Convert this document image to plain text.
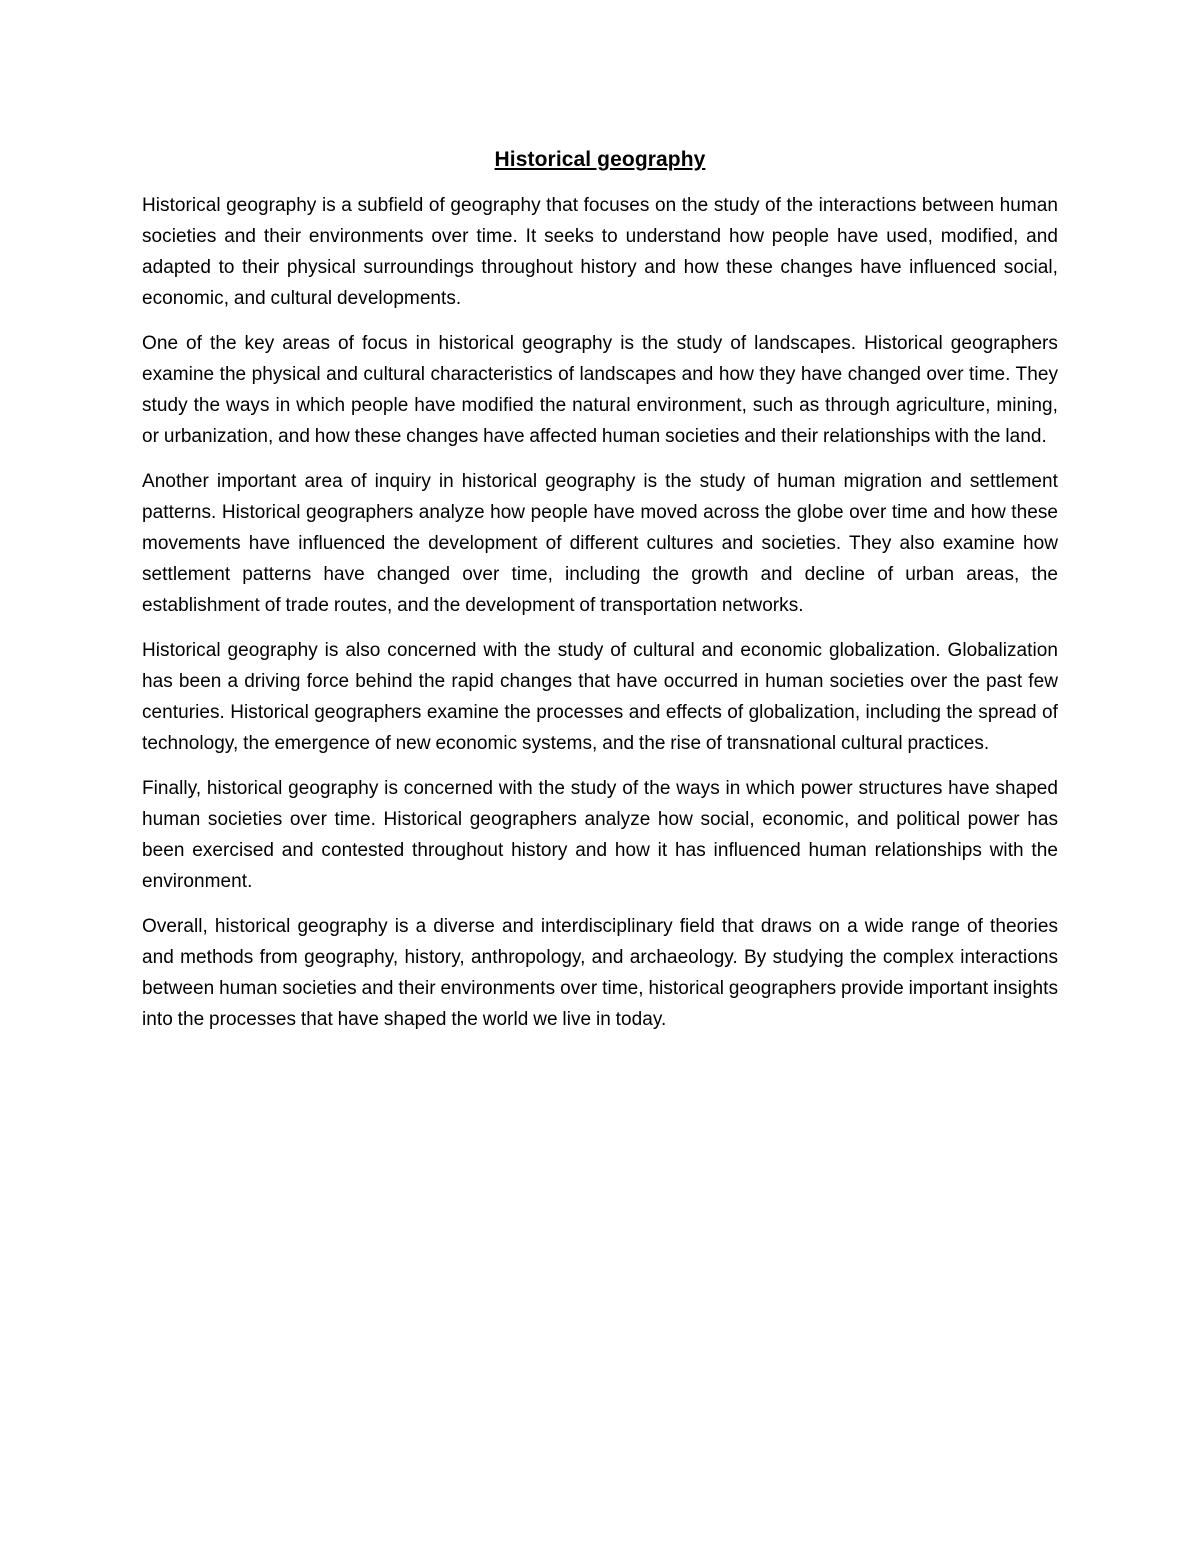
Historical geography

Historical geography is a subfield of geography that focuses on the study of the interactions between human societies and their environments over time. It seeks to understand how people have used, modified, and adapted to their physical surroundings throughout history and how these changes have influenced social, economic, and cultural developments.

One of the key areas of focus in historical geography is the study of landscapes. Historical geographers examine the physical and cultural characteristics of landscapes and how they have changed over time. They study the ways in which people have modified the natural environment, such as through agriculture, mining, or urbanization, and how these changes have affected human societies and their relationships with the land.

Another important area of inquiry in historical geography is the study of human migration and settlement patterns. Historical geographers analyze how people have moved across the globe over time and how these movements have influenced the development of different cultures and societies. They also examine how settlement patterns have changed over time, including the growth and decline of urban areas, the establishment of trade routes, and the development of transportation networks.

Historical geography is also concerned with the study of cultural and economic globalization. Globalization has been a driving force behind the rapid changes that have occurred in human societies over the past few centuries. Historical geographers examine the processes and effects of globalization, including the spread of technology, the emergence of new economic systems, and the rise of transnational cultural practices.

Finally, historical geography is concerned with the study of the ways in which power structures have shaped human societies over time. Historical geographers analyze how social, economic, and political power has been exercised and contested throughout history and how it has influenced human relationships with the environment.

Overall, historical geography is a diverse and interdisciplinary field that draws on a wide range of theories and methods from geography, history, anthropology, and archaeology. By studying the complex interactions between human societies and their environments over time, historical geographers provide important insights into the processes that have shaped the world we live in today.
